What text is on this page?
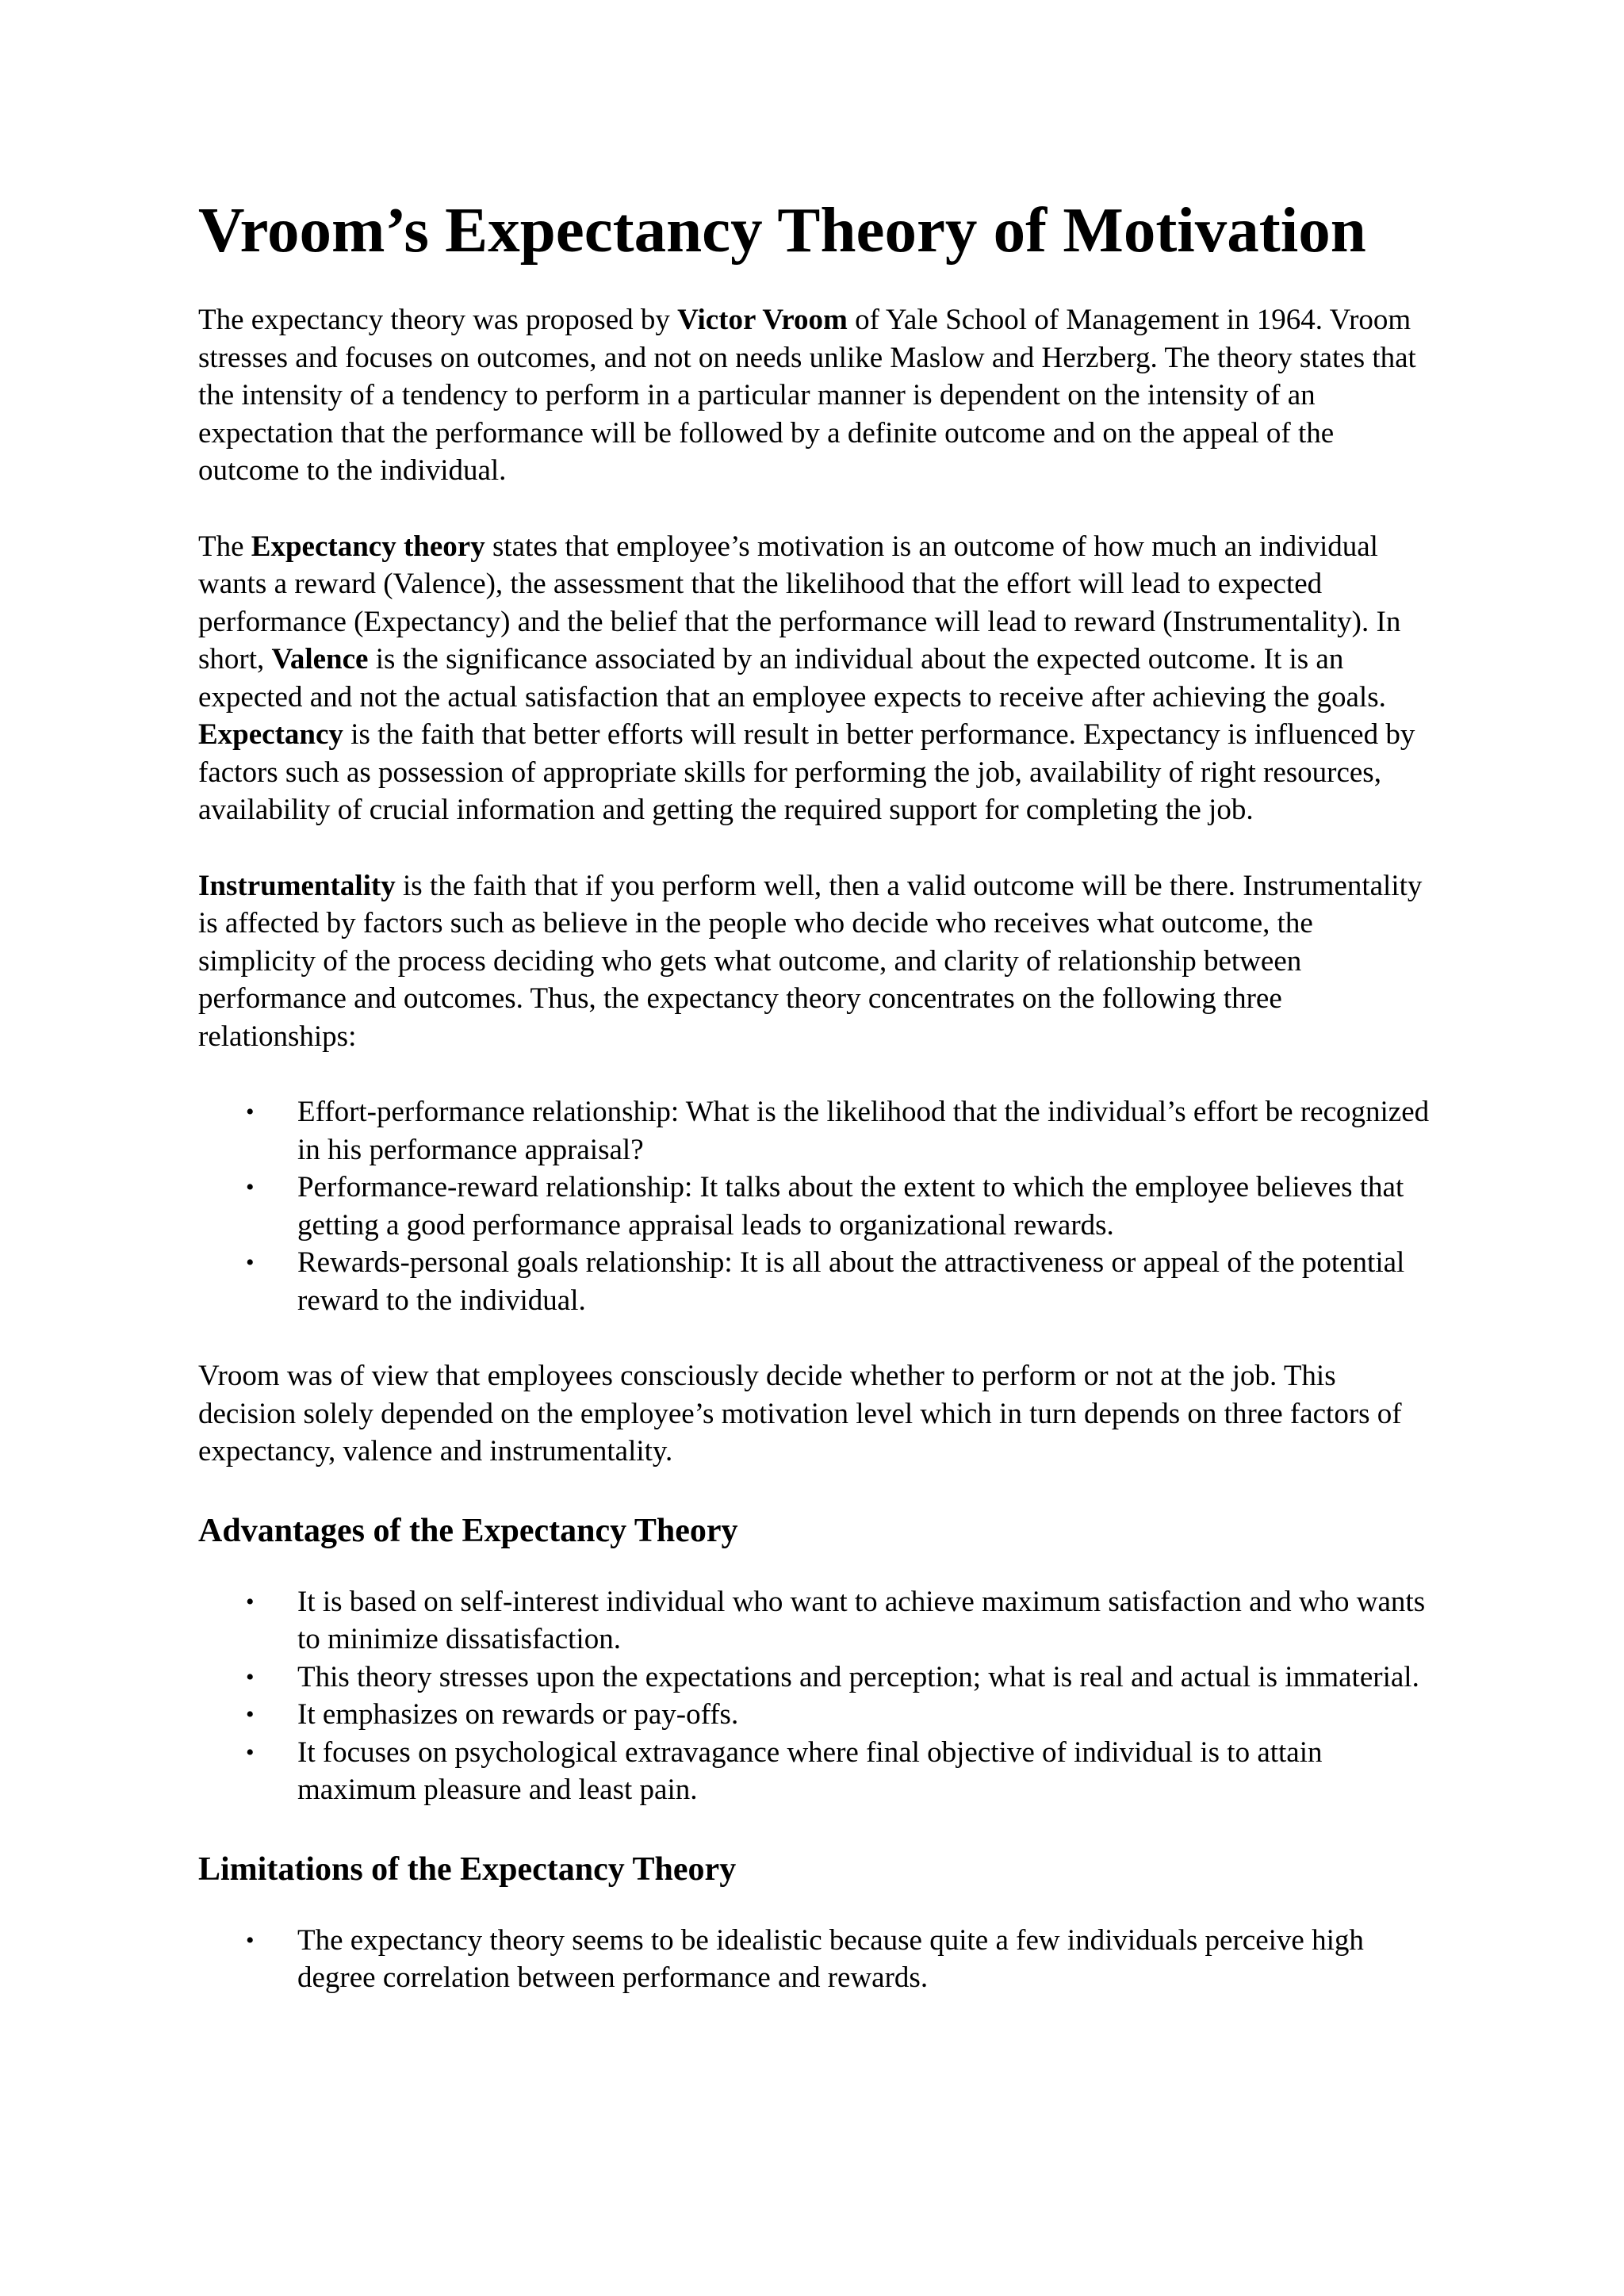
Vroom’s Expectancy Theory of Motivation

The expectancy theory was proposed by Victor Vroom of Yale School of Management in 1964. Vroom stresses and focuses on outcomes, and not on needs unlike Maslow and Herzberg. The theory states that the intensity of a tendency to perform in a particular manner is dependent on the intensity of an expectation that the performance will be followed by a definite outcome and on the appeal of the outcome to the individual.

The Expectancy theory states that employee’s motivation is an outcome of how much an individual wants a reward (Valence), the assessment that the likelihood that the effort will lead to expected performance (Expectancy) and the belief that the performance will lead to reward (Instrumentality). In short, Valence is the significance associated by an individual about the expected outcome. It is an expected and not the actual satisfaction that an employee expects to receive after achieving the goals. Expectancy is the faith that better efforts will result in better performance. Expectancy is influenced by factors such as possession of appropriate skills for performing the job, availability of right resources, availability of crucial information and getting the required support for completing the job.

Instrumentality is the faith that if you perform well, then a valid outcome will be there. Instrumentality is affected by factors such as believe in the people who decide who receives what outcome, the simplicity of the process deciding who gets what outcome, and clarity of relationship between performance and outcomes. Thus, the expectancy theory concentrates on the following three relationships:

• Effort-performance relationship: What is the likelihood that the individual’s effort be recognized in his performance appraisal?
• Performance-reward relationship: It talks about the extent to which the employee believes that getting a good performance appraisal leads to organizational rewards.
• Rewards-personal goals relationship: It is all about the attractiveness or appeal of the potential reward to the individual.

Vroom was of view that employees consciously decide whether to perform or not at the job. This decision solely depended on the employee’s motivation level which in turn depends on three factors of expectancy, valence and instrumentality.

Advantages of the Expectancy Theory
• It is based on self-interest individual who want to achieve maximum satisfaction and who wants to minimize dissatisfaction.
• This theory stresses upon the expectations and perception; what is real and actual is immaterial.
• It emphasizes on rewards or pay-offs.
• It focuses on psychological extravagance where final objective of individual is to attain maximum pleasure and least pain.
Limitations of the Expectancy Theory
• The expectancy theory seems to be idealistic because quite a few individuals perceive high degree correlation between performance and rewards.
